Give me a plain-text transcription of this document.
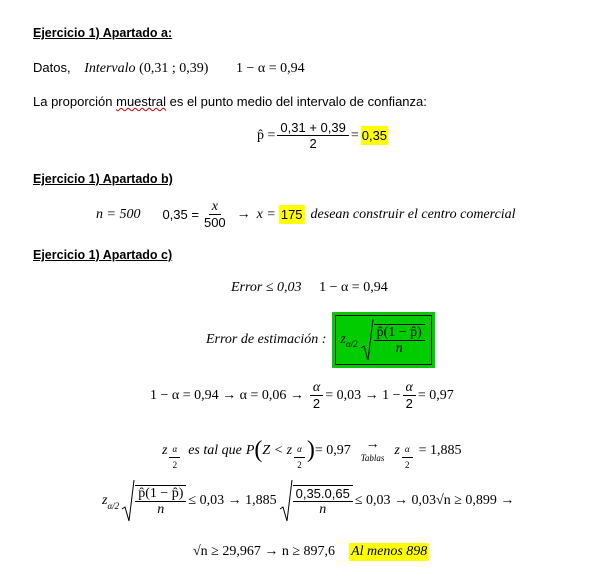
Ejercicio 1) Apartado a:
Datos, Intervalo (0,31 ; 0,39) 1 − α = 0,94
La proporción muestral es el punto medio del intervalo de confianza:
p̂ = $\frac{0,31 + 0,39}{2} = 0,35$
Ejercicio 1) Apartado b)
n = 500 $0,35 = \frac{x}{500} \to x = 175$ desean construir el centro comercial
Ejercicio 1) Apartado c)
Error ≤ 0,03 1 − α = 0,94
Error de estimación : z $\alpha/2 \frac{p̂(1 - p̂)}{n}$
$1 - \alpha = 0,94 \to \alpha = 0,06 \to \frac{\alpha}{2} = 0,03 \to 1 - \frac{\alpha}{2} = 0,97$
z $\frac{\alpha}{2}$ es tal que P ( Z < z $\frac{\alpha}{2}$ ) = 0,97 →
Tablas z $\frac{\alpha}{2} = 1,885$
z $\alpha/2 \frac{p̂(1 - p̂)}{n} \le 0,03 \to 1,885 \frac{0,35.0,65}{n} \le 0,03 \to 0,03√n \ge 0,899$ →
√n ≥ 29,967 → n ≥ 897,6 Al menos 898
